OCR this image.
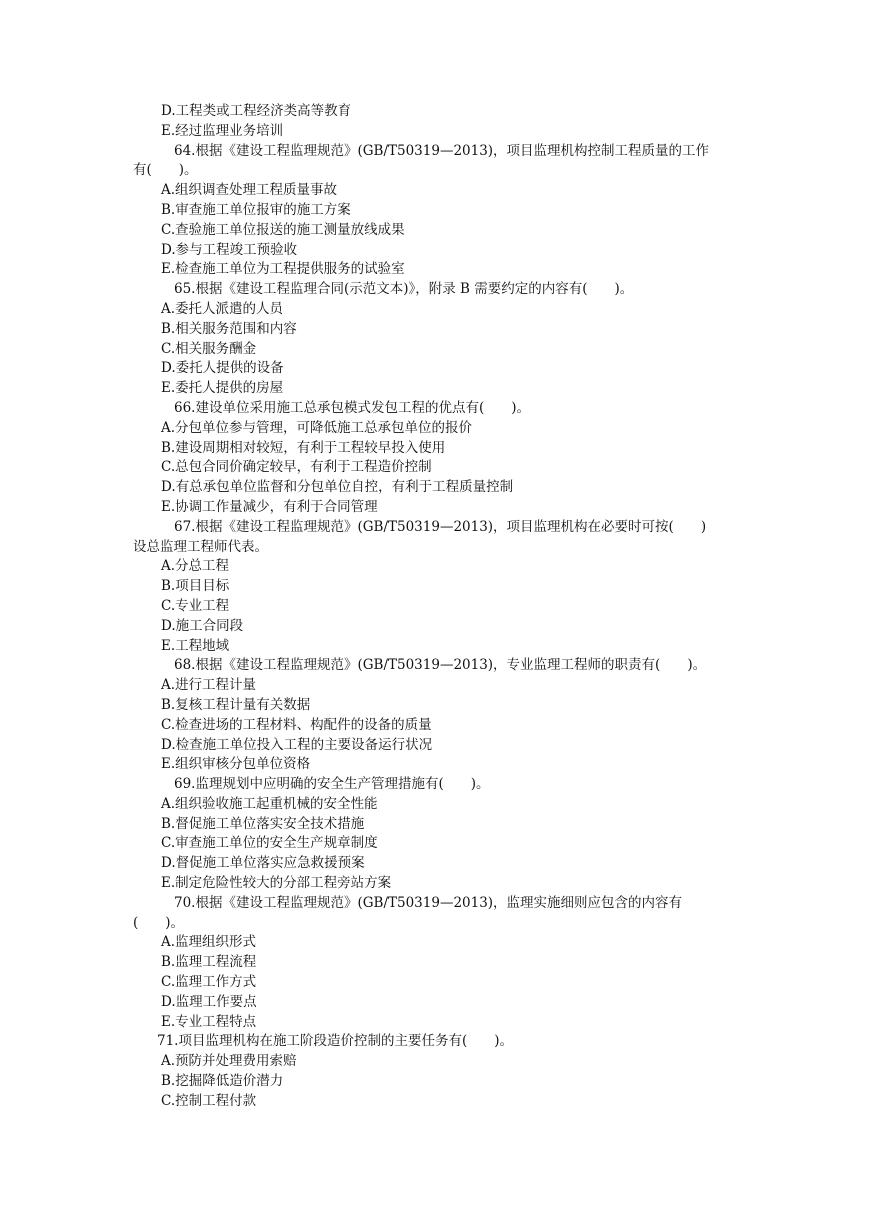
D.工程类或工程经济类高等教育
E.经过监理业务培训
64.根据《建设工程监理规范》(GB/T50319—2013)，项目监理机构控制工程质量的工作
有(　　)。
A.组织调查处理工程质量事故
B.审查施工单位报审的施工方案
C.查验施工单位报送的施工测量放线成果
D.参与工程竣工预验收
E.检查施工单位为工程提供服务的试验室
65.根据《建设工程监理合同(示范文本)》，附录 B 需要约定的内容有(　　)。
A.委托人派遣的人员
B.相关服务范围和内容
C.相关服务酬金
D.委托人提供的设备
E.委托人提供的房屋
66.建设单位采用施工总承包模式发包工程的优点有(　　)。
A.分包单位参与管理，可降低施工总承包单位的报价
B.建设周期相对较短，有利于工程较早投入使用
C.总包合同价确定较早，有利于工程造价控制
D.有总承包单位监督和分包单位自控，有利于工程质量控制
E.协调工作量减少，有利于合同管理
67.根据《建设工程监理规范》(GB/T50319—2013)，项目监理机构在必要时可按(　　)
设总监理工程师代表。
A.分总工程
B.项目目标
C.专业工程
D.施工合同段
E.工程地域
68.根据《建设工程监理规范》(GB/T50319—2013)，专业监理工程师的职责有(　　)。
A.进行工程计量
B.复核工程计量有关数据
C.检查进场的工程材料、构配件的设备的质量
D.检查施工单位投入工程的主要设备运行状况
E.组织审核分包单位资格
69.监理规划中应明确的安全生产管理措施有(　　)。
A.组织验收施工起重机械的安全性能
B.督促施工单位落实安全技术措施
C.审查施工单位的安全生产规章制度
D.督促施工单位落实应急救援预案
E.制定危险性较大的分部工程旁站方案
70.根据《建设工程监理规范》(GB/T50319—2013)，监理实施细则应包含的内容有
(　　)。
A.监理组织形式
B.监理工程流程
C.监理工作方式
D.监理工作要点
E.专业工程特点
71.项目监理机构在施工阶段造价控制的主要任务有(　　)。
A.预防并处理费用索赔
B.挖掘降低造价潜力
C.控制工程付款
